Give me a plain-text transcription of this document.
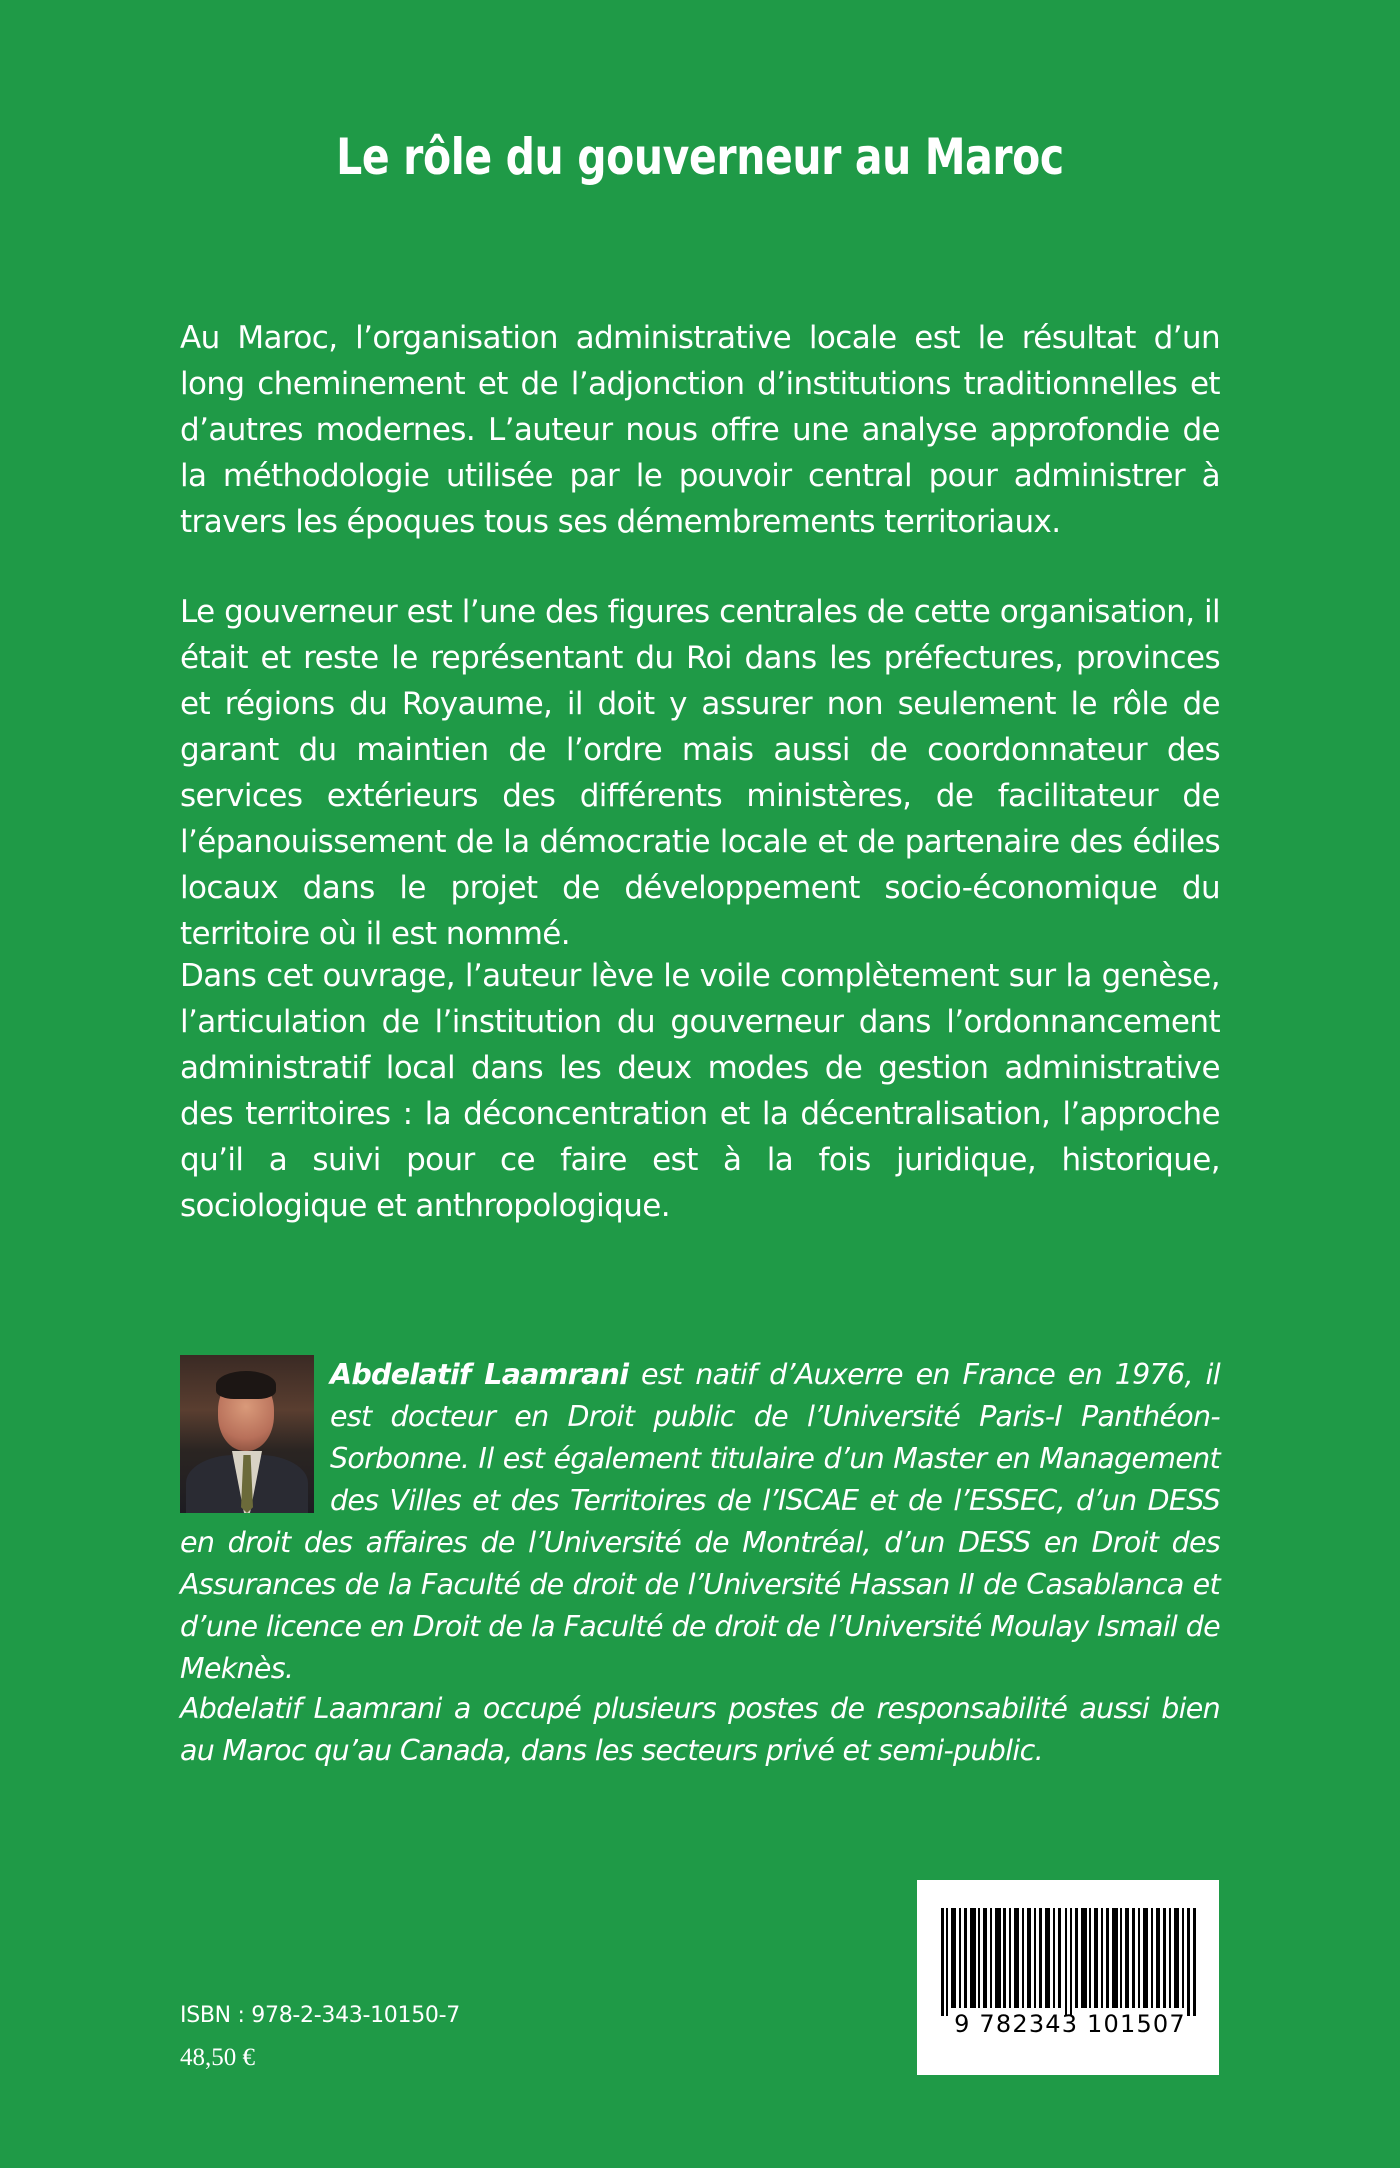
Le rôle du gouverneur au Maroc

Au Maroc, l’organisation administrative locale est le résultat d’un long cheminement et de l’adjonction d’institutions traditionnelles et d’autres modernes. L’auteur nous offre une analyse approfondie de la méthodologie utilisée par le pouvoir central pour administrer à travers les époques tous ses démembrements territoriaux.

Le gouverneur est l’une des figures centrales de cette organisation, il était et reste le représentant du Roi dans les préfectures, provinces et régions du Royaume, il doit y assurer non seulement le rôle de garant du maintien de l’ordre mais aussi de coordonnateur des services extérieurs des différents ministères, de facilitateur de l’épanouissement de la démocratie locale et de partenaire des édiles locaux dans le projet de développement socio-économique du territoire où il est nommé.

Dans cet ouvrage, l’auteur lève le voile complètement sur la genèse, l’articulation de l’institution du gouverneur dans l’ordonnancement administratif local dans les deux modes de gestion administrative des territoires : la déconcentration et la décentralisation, l’approche qu’il a suivi pour ce faire est à la fois juridique, historique, sociologique et anthropologique.

Abdelatif Laamrani est natif d’Auxerre en France en 1976, il est docteur en Droit public de l’Université Paris-I Panthéon-Sorbonne. Il est également titulaire d’un Master en Management des Villes et des Territoires de l’ISCAE et de l’ESSEC, d’un DESS en droit des affaires de l’Université de Montréal, d’un DESS en Droit des Assurances de la Faculté de droit de l’Université Hassan II de Casablanca et d’une licence en Droit de la Faculté de droit de l’Université Moulay Ismail de Meknès.

Abdelatif Laamrani a occupé plusieurs postes de responsabilité aussi bien au Maroc qu’au Canada, dans les secteurs privé et semi-public.

ISBN : 978-2-343-10150-7
48,50 €
9 782343 101507
